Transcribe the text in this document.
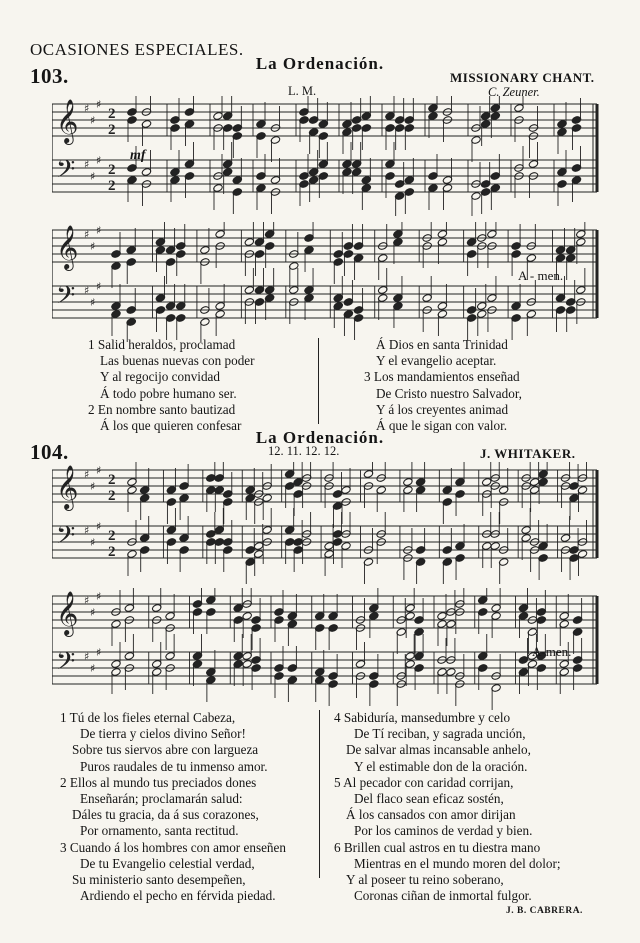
OCASIONES ESPECIALES.
103.
La Ordenación.
L. M.
MISSIONARY CHANT.
C. Zeuner.
𝄞
𝄢
♯
♯
♯
♯
♯
♯
2
2
2
2
𝄞
𝄢
♯
♯
♯
♯
♯
♯
mf
A - men.
1 Salid heraldos, proclamad
Las buenas nuevas con poder
Y al regocijo convidad
Á todo pobre humano ser.
2 En nombre santo bautizad
Á los que quieren confesar
Á Dios en santa Trinidad
Y el evangelio aceptar.
3 Los mandamientos enseñad
De Cristo nuestro Salvador,
Y á los creyentes animad
Á que le sigan con valor.
104.
La Ordenación.
12. 11. 12. 12.	J. WHITAKER.
𝄞
𝄢
♯
♯
♯
♯
♯
♯
2
2
2
2
𝄞
𝄢
♯
♯
♯
♯
♯
♯	A-men.
1 Tú de los fieles eternal Cabeza,
De tierra y cielos divino Señor!
Sobre tus siervos abre con largueza
Puros raudales de tu inmenso amor.
2 Ellos al mundo tus preciados dones
Enseñarán; proclamarán salud:
Dáles tu gracia, da á sus corazones,
Por ornamento, santa rectitud.
3 Cuando á los hombres con amor enseñen
De tu Evangelio celestial verdad,
Su ministerio santo desempeñen,
Ardiendo el pecho en férvida piedad.
4 Sabiduría, mansedumbre y celo
De Tí reciban, y sagrada unción,
De salvar almas incansable anhelo,
Y el estimable don de la oración.
5 Al pecador con caridad corrijan,
Del flaco sean eficaz sostén,
Á los cansados con amor dirijan
Por los caminos de verdad y bien.
6 Brillen cual astros en tu diestra mano
Mientras en el mundo moren del dolor;
Y al poseer tu reino soberano,
Coronas ciñan de inmortal fulgor.
J. B. CABRERA.
